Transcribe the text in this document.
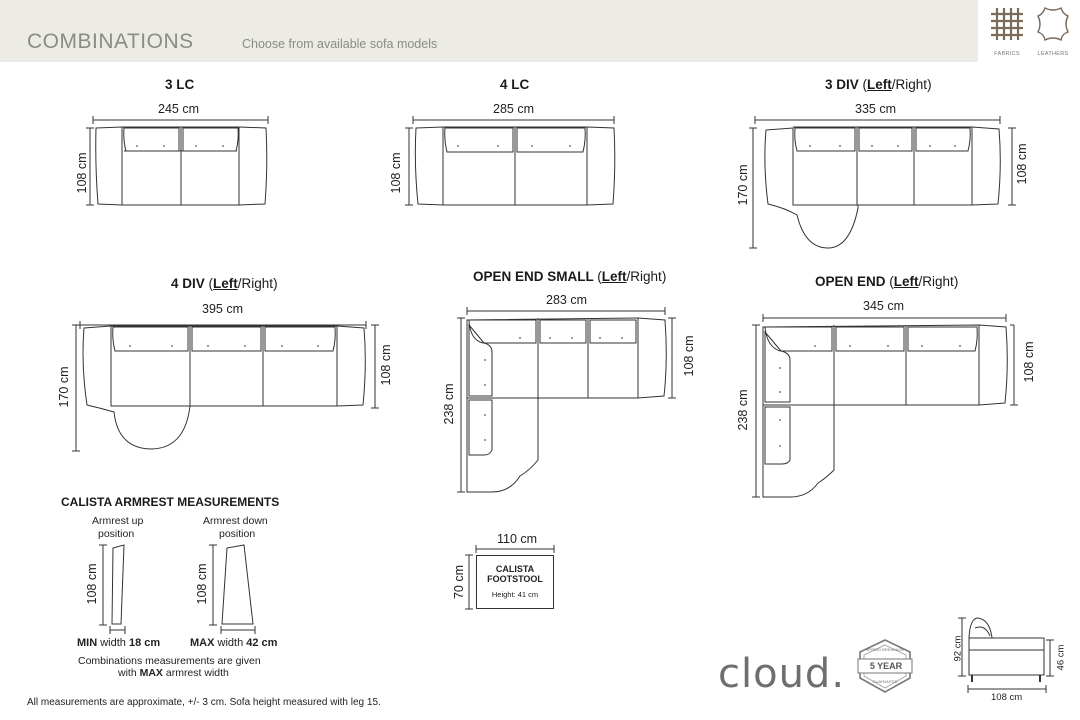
COMBINATIONS	Choose from available sofa models
FABRICS	LEATHERS
3 LC
245 cm
108 cm
4 LC
285 cm
108 cm
3 DIV (Left/Right)
335 cm
170 cm
108 cm
4 DIV (Left/Right)
395 cm
170 cm
108 cm
OPEN END SMALL (Left/Right)
283 cm
238 cm
108 cm
OPEN END (Left/Right)
345 cm
238 cm
108 cm
CALISTA ARMREST MEASUREMENTS
Armrest up
position
Armrest down
position
108 cm	108 cm
MIN width 18 cm	MAX width 42 cm
Combinations measurements are given
with MAX armrest width
110 cm
70 cm	CALISTA
FOOTSTOOL
Height: 41 cm
All measurements are approximate, +/- 3 cm. Sofa height measured with leg 15.
cloud.	5 YEAR
SPRING BREAKAGE
GUARANTEE
92 cm	46 cm
108 cm
